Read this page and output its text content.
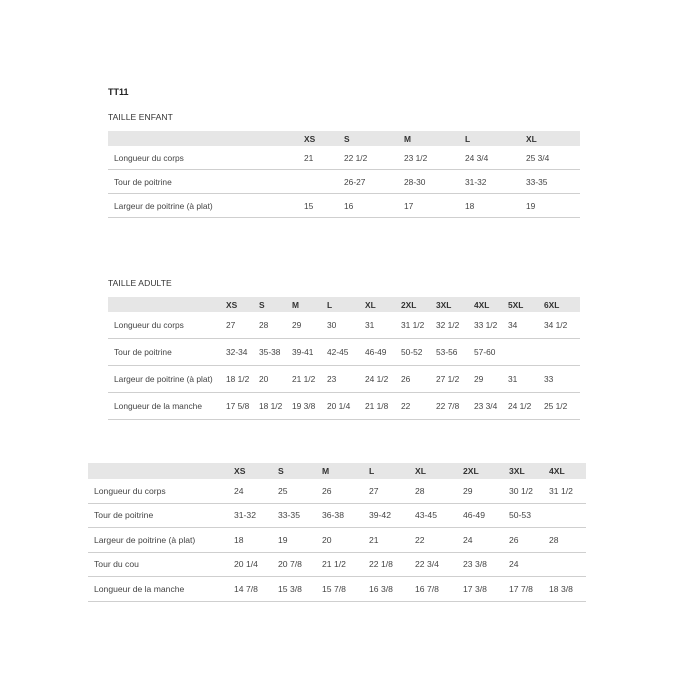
TT11
TAILLE ENFANT
	XS	S	M	L	XL
Longueur du corps	21	22 1/2	23 1/2	24 3/4	25 3/4
Tour de poitrine		26-27	28-30	31-32	33-35
Largeur de poitrine (à plat)	15	16	17	18	19
TAILLE ADULTE
	XS	S	M	L	XL	2XL	3XL	4XL	5XL	6XL
Longueur du corps	27	28	29	30	31	31 1/2	32 1/2	33 1/2	34	34 1/2
Tour de poitrine	32-34	35-38	39-41	42-45	46-49	50-52	53-56	57-60		
Largeur de poitrine (à plat)	18 1/2	20	21 1/2	23	24 1/2	26	27 1/2	29	31	33
Longueur de la manche	17 5/8	18 1/2	19 3/8	20 1/4	21 1/8	22	22 7/8	23 3/4	24 1/2	25 1/2
	XS	S	M	L	XL	2XL	3XL	4XL
Longueur du corps	24	25	26	27	28	29	30 1/2	31 1/2
Tour de poitrine	31-32	33-35	36-38	39-42	43-45	46-49	50-53	
Largeur de poitrine (à plat)	18	19	20	21	22	24	26	28
Tour du cou	20 1/4	20 7/8	21 1/2	22 1/8	22 3/4	23 3/8	24	
Longueur de la manche	14 7/8	15 3/8	15 7/8	16 3/8	16 7/8	17 3/8	17 7/8	18 3/8
